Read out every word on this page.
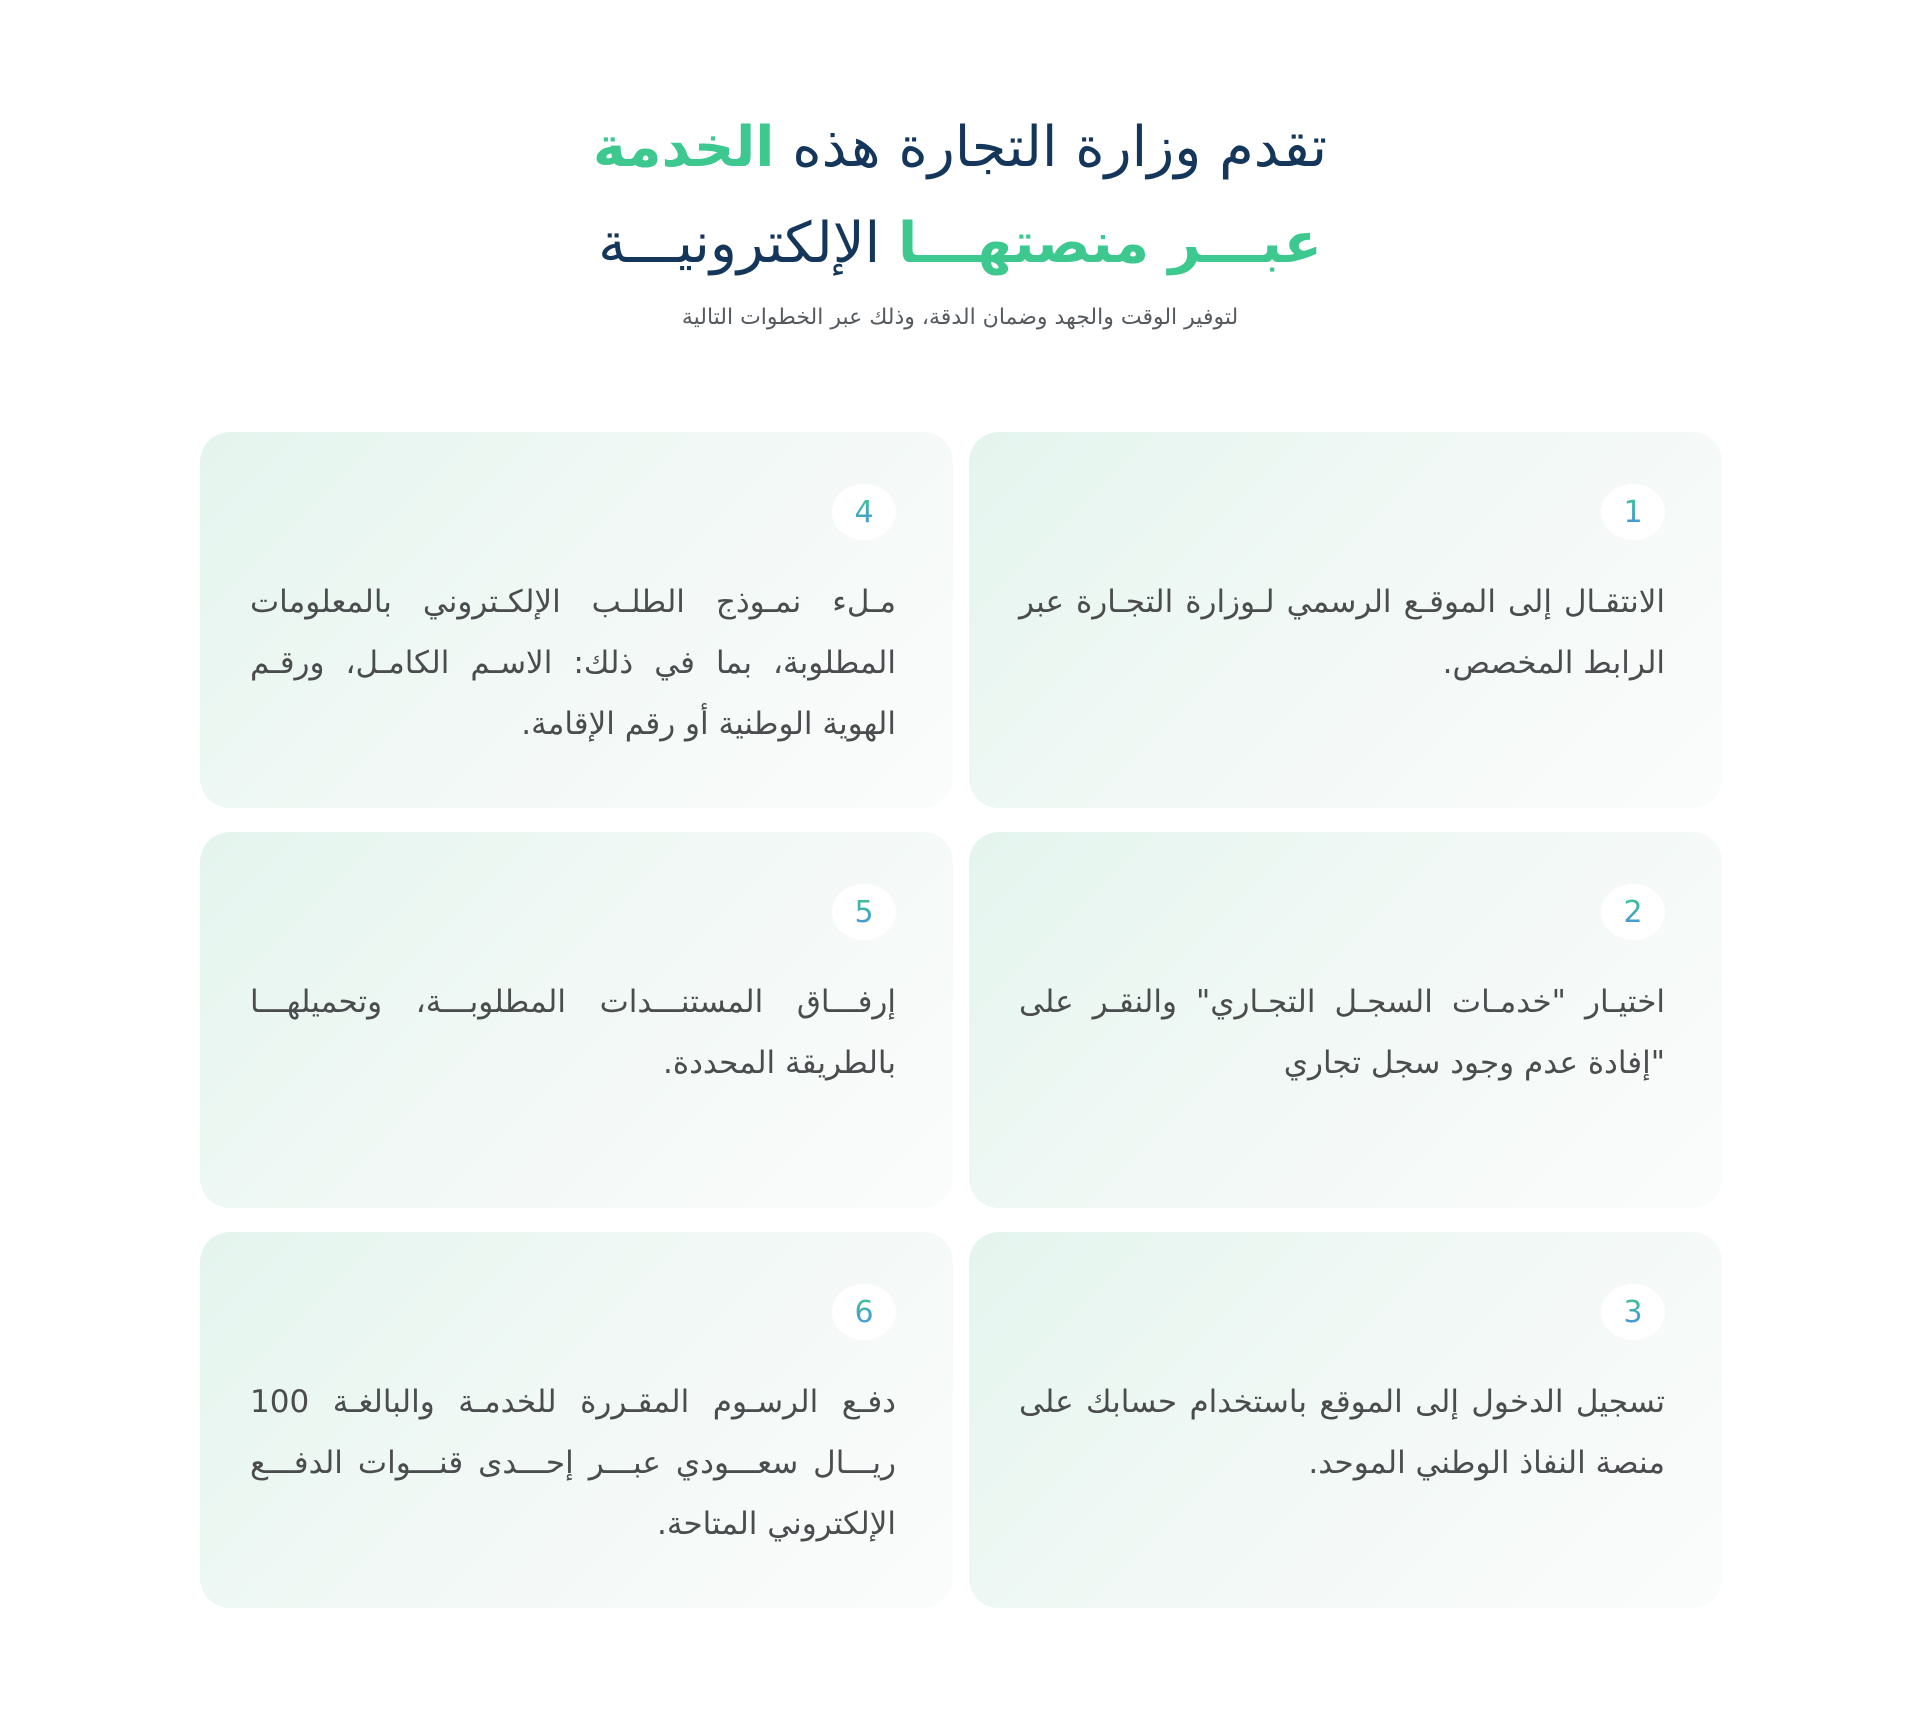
تقدم وزارة التجارة هذه الخدمة
عبـــر منصتهـــا الإلكترونيـــة

لتوفير الوقت والجهد وضمان الدقة، وذلك عبر الخطوات التالية

1

الانتقـال إلى الموقـع الرسمي لـوزارة التجـارة عبر الرابط المخصص.

4

مـلء نمـوذج الطلـب الإلكـتروني بالمعلومات المطلوبة، بما في ذلك: الاسـم الكامـل، ورقـم الهوية الوطنية أو رقم الإقامة.

2

اختيـار "خدمـات السجـل التجـاري" والنقـر على "إفادة عدم وجود سجل تجاري

5

إرفـــاق المستنـــدات المطلوبـــة، وتحميلهـــا بالطريقة المحددة.

3

تسجيل الدخول إلى الموقع باستخدام حسابك على منصة النفاذ الوطني الموحد.

6

دفـع الرسـوم المقـررة للخدمـة والبالغـة 100 ريـــال سعـــودي عبـــر إحـــدى قنـــوات الدفـــع الإلكتروني المتاحة.
